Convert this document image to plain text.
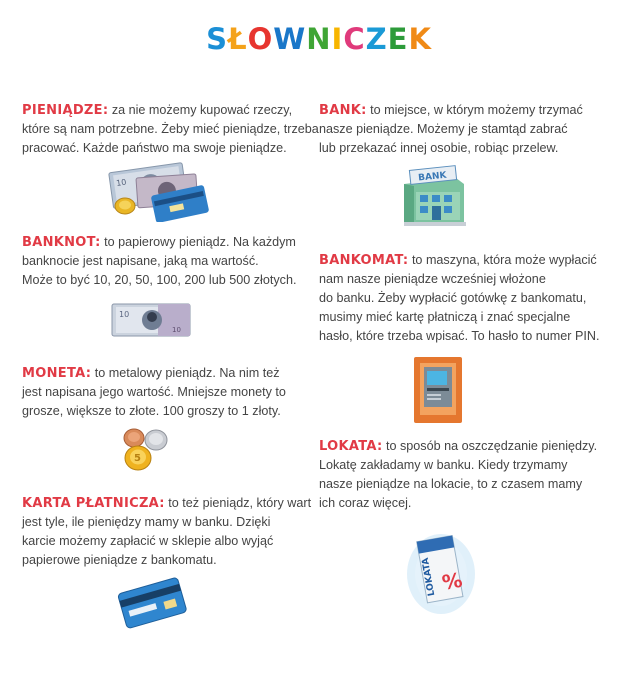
SŁOWNICZEK
PIENIĄDZE: za nie możemy kupować rzeczy,
które są nam potrzebne. Żeby mieć pieniądze, trzeba
pracować. Każde państwo ma swoje pieniądze.
10
BANKNOT: to papierowy pieniądz. Na każdym
banknocie jest napisane, jaką ma wartość.
Może to być 10, 20, 50, 100, 200 lub 500 złotych.
10
10
MONETA: to metalowy pieniądz. Na nim też
jest napisana jego wartość. Mniejsze monety to
grosze, większe to złote. 100 groszy to 1 złoty.
5
KARTA PŁATNICZA: to też pieniądz, który wart
jest tyle, ile pieniędzy mamy w banku. Dzięki
karcie możemy zapłacić w sklepie albo wyjąć
papierowe pieniądze z bankomatu.
BANK: to miejsce, w którym możemy trzymać
nasze pieniądze. Możemy je stamtąd zabrać
lub przekazać innej osobie, robiąc przelew.
BANK
BANKOMAT: to maszyna, która może wypłacić
nam nasze pieniądze wcześniej włożone
do banku. Żeby wypłacić gotówkę z bankomatu,
musimy mieć kartę płatniczą i znać specjalne
hasło, które trzeba wpisać. To hasło to numer PIN.
LOKATA: to sposób na oszczędzanie pieniędzy.
Lokatę zakładamy w banku. Kiedy trzymamy
nasze pieniądze na lokacie, to z czasem mamy
ich coraz więcej.
LOKATA %
